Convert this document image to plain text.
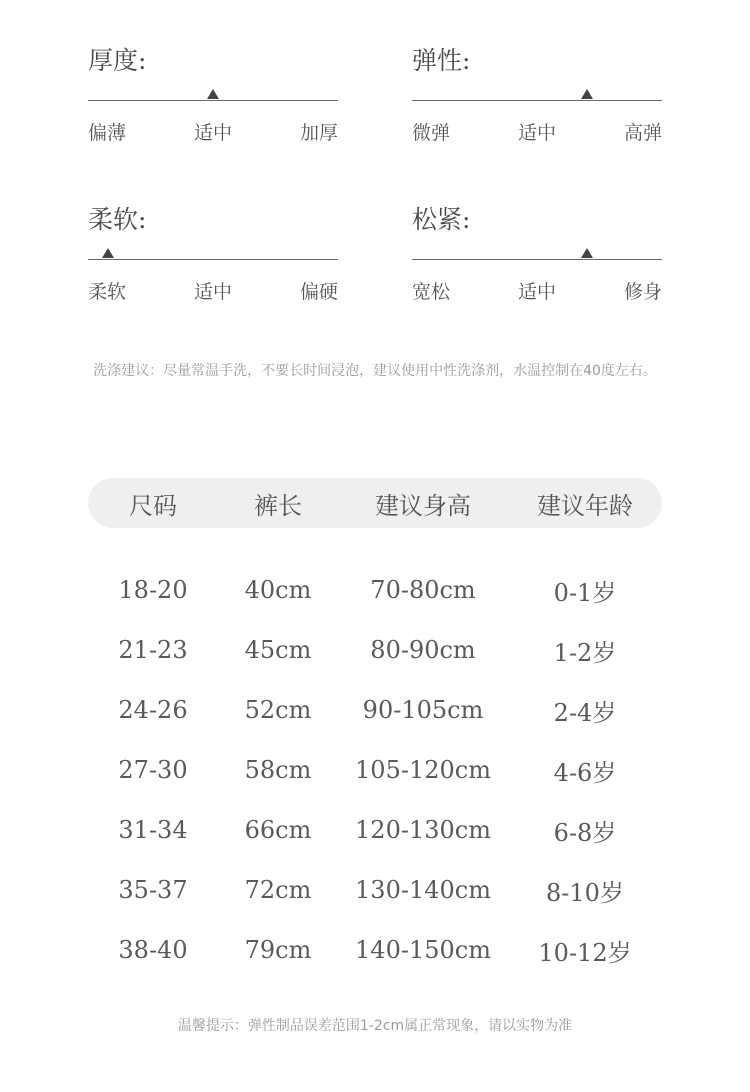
厚度:
偏薄	适中	加厚
弹性:
微弹	适中	高弹
柔软:
柔软	适中	偏硬
松紧:
宽松	适中	修身
洗涤建议：尽量常温手洗，不要长时间浸泡，建议使用中性洗涤剂，水温控制在40度左右。
尺码	裤长	建议身高	建议年龄
18-20	40cm	70-80cm	0-1岁
21-23	45cm	80-90cm	1-2岁
24-26	52cm	90-105cm	2-4岁
27-30	58cm	105-120cm	4-6岁
31-34	66cm	120-130cm	6-8岁
35-37	72cm	130-140cm	8-10岁
38-40	79cm	140-150cm	10-12岁
温馨提示：弹性制品误差范围1-2cm属正常现象，请以实物为准
